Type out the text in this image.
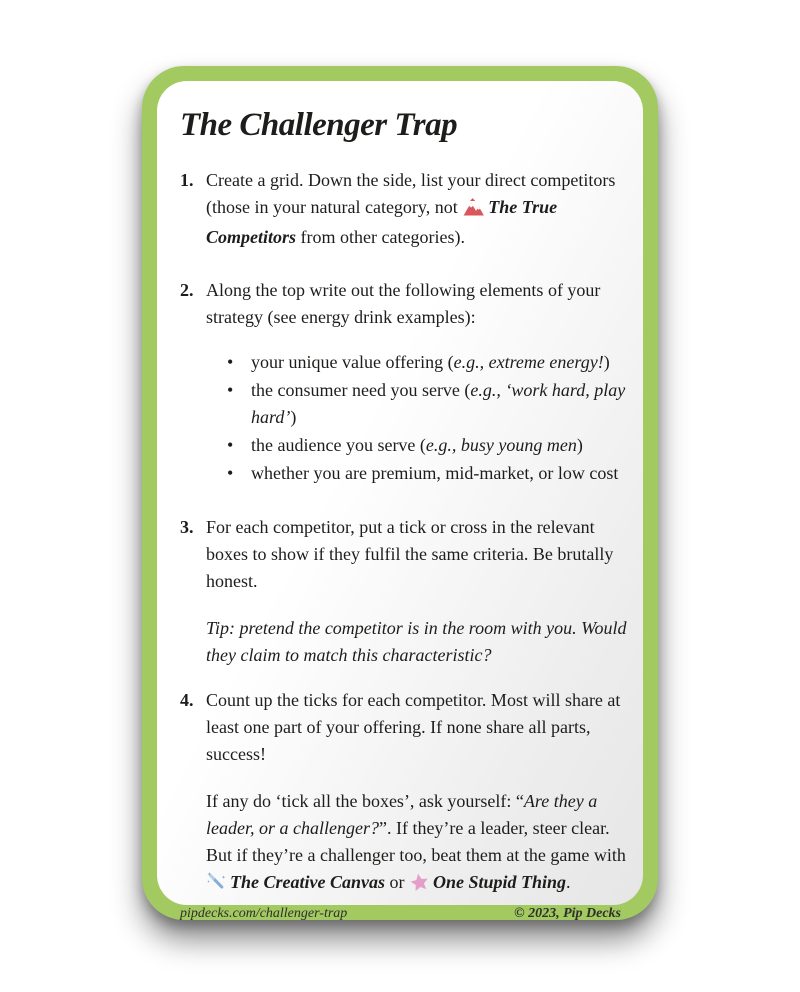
The Challenger Trap
1. Create a grid. Down the side, list your direct competitors (those in your natural category, not The True Competitors from other categories).
2. Along the top write out the following elements of your strategy (see energy drink examples):
• your unique value offering (e.g., extreme energy!)
• the consumer need you serve (e.g., ‘work hard, play hard’)
• the audience you serve (e.g., busy young men)
• whether you are premium, mid-market, or low cost
3. For each competitor, put a tick or cross in the relevant boxes to show if they fulfil the same criteria. Be brutally honest.
Tip: pretend the competitor is in the room with you. Would they claim to match this characteristic?
4. Count up the ticks for each competitor. Most will share at least one part of your offering. If none share all parts, success!
If any do ‘tick all the boxes’, ask yourself: “Are they a leader, or a challenger?”. If they’re a leader, steer clear. But if they’re a challenger too, beat them at the game with The Creative Canvas or One Stupid Thing.
pipdecks.com/challenger-trap	© 2023, Pip Decks
